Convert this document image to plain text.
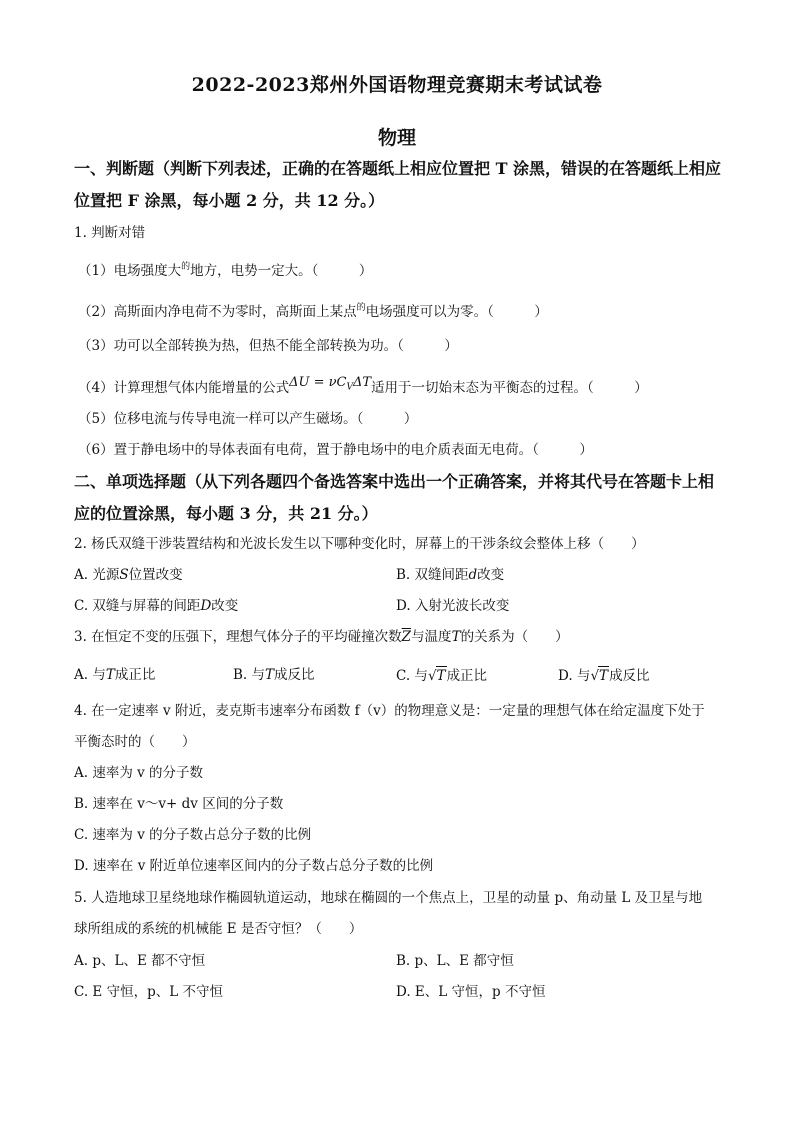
2022-2023郑州外国语物理竞赛期末考试试卷
物理
一、判断题（判断下列表述，正确的在答题纸上相应位置把 T 涂黑，错误的在答题纸上相应
位置把 F 涂黑，每小题 2 分，共 12 分。）
1. 判断对错
（1）电场强度大$^的$地方，电势一定大。（　　　）
（2）高斯面内净电荷不为零时，高斯面上某点$^的$电场强度可以为零。（　　　）
（3）功可以全部转换为热，但热不能全部转换为功。（　　　）
（4）计算理想气体内能增量的公式$\Delta U = \nu C_V\Delta T$适用于一切始末态为平衡态的过程。（　　　）
（5）位移电流与传导电流一样可以产生磁场。（　　　）
（6）置于静电场中的导体表面有电荷，置于静电场中的电介质表面无电荷。（　　　）
二、单项选择题（从下列各题四个备选答案中选出一个正确答案，并将其代号在答题卡上相
应的位置涂黑，每小题 3 分，共 21 分。）
2. 杨氏双缝干涉装置结构和光波长发生以下哪种变化时，屏幕上的干涉条纹会整体上移（　　）
A. 光源S位置改变	B. 双缝间距d改变
C. 双缝与屏幕的间距D改变	D. 入射光波长改变
3. 在恒定不变的压强下，理想气体分子的平均碰撞次数$\overline{Z}$与温度T的关系为（　　）
A. 与T成正比	B. 与T成反比	C. 与√T成正比	D. 与√T成反比
4. 在一定速率 v 附近，麦克斯韦速率分布函数 f（v）的物理意义是：一定量的理想气体在给定温度下处于
平衡态时的（　　）
A. 速率为 v 的分子数
B. 速率在 v～v+ dv 区间的分子数
C. 速率为 v 的分子数占总分子数的比例
D. 速率在 v 附近单位速率区间内的分子数占总分子数的比例
5. 人造地球卫星绕地球作椭圆轨道运动，地球在椭圆的一个焦点上，卫星的动量 p、角动量 L 及卫星与地
球所组成的系统的机械能 E 是否守恒？（　　）
A. p、L、E 都不守恒	B. p、L、E 都守恒
C. E 守恒，p、L 不守恒	D. E、L 守恒，p 不守恒
